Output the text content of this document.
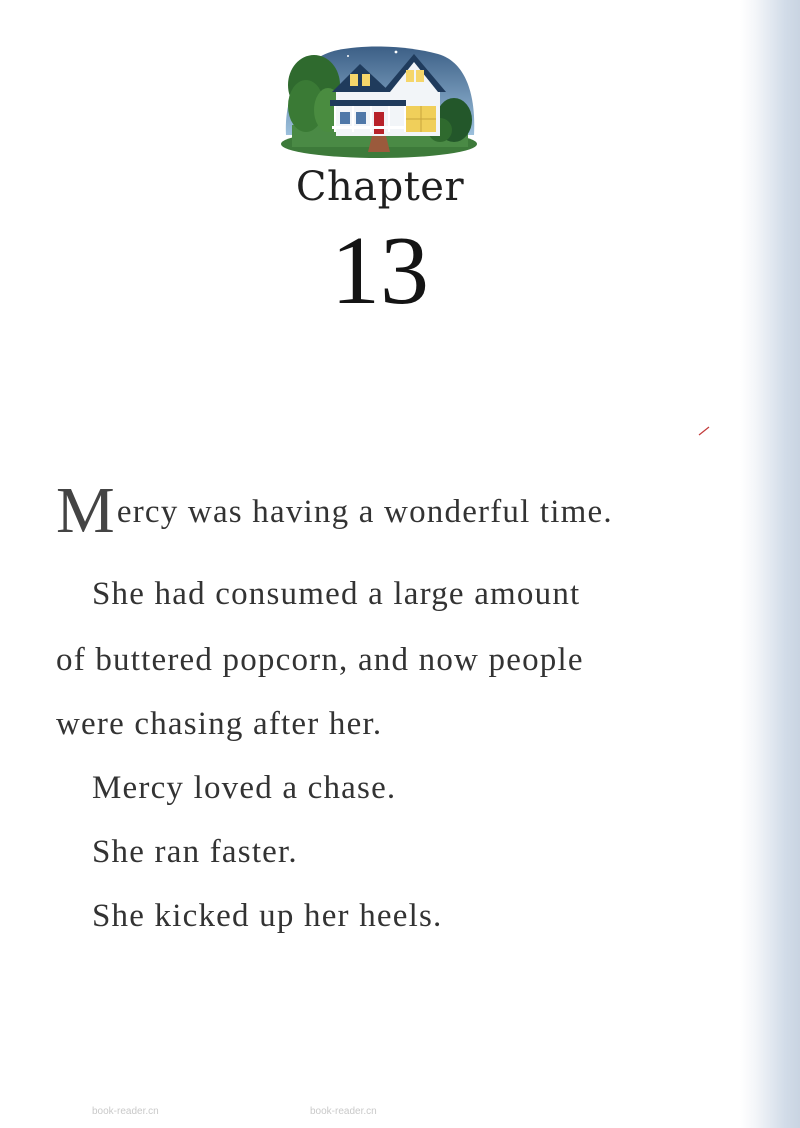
Chapter
13
Mercy was having a wonderful time.
She had consumed a large amount
of buttered popcorn, and now people
were chasing after her.
Mercy loved a chase.
She ran faster.
She kicked up her heels.
book-reader.cn	book-reader.cn
